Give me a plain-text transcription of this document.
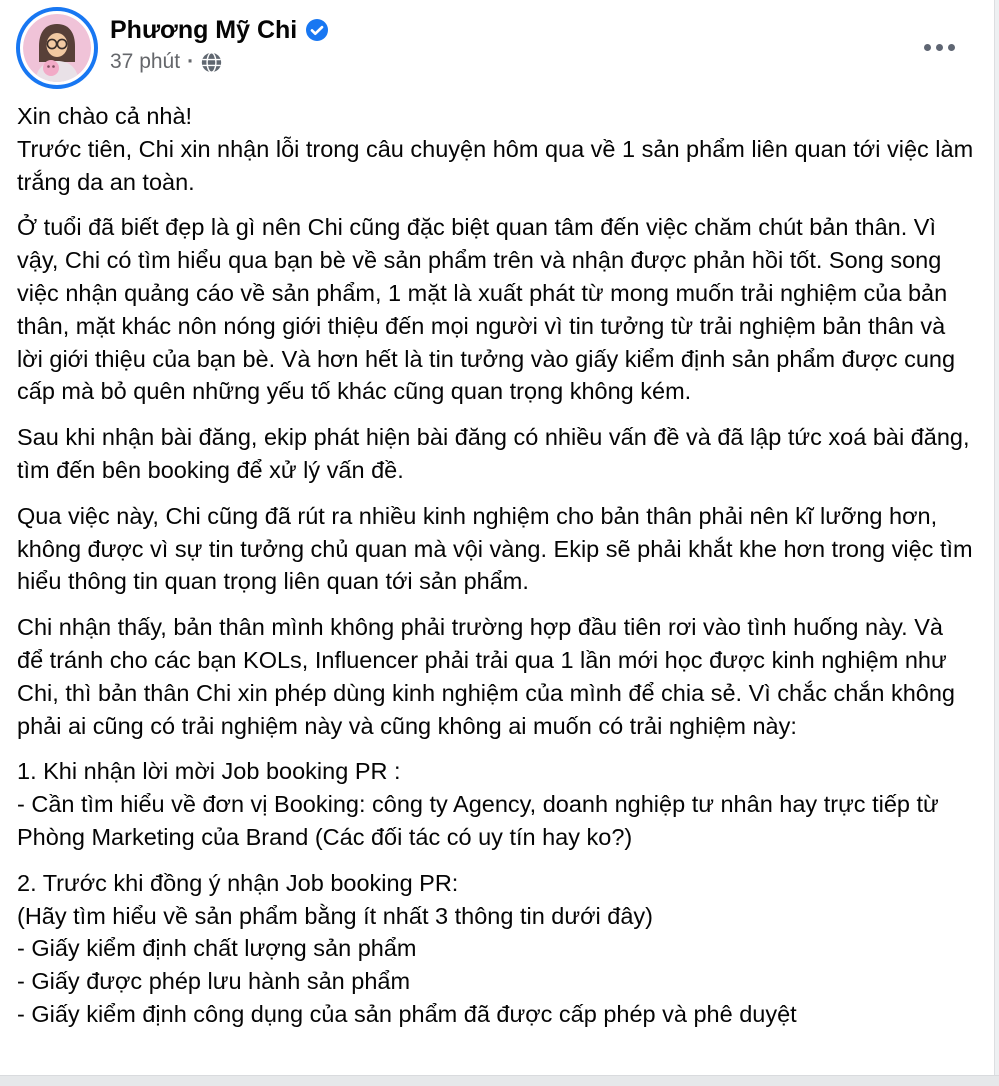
Phương Mỹ Chi
37 phút ·

Xin chào cả nhà!
Trước tiên, Chi xin nhận lỗi trong câu chuyện hôm qua về 1 sản phẩm liên quan tới việc làm trắng da an toàn.

Ở tuổi đã biết đẹp là gì nên Chi cũng đặc biệt quan tâm đến việc chăm chút bản thân. Vì vậy, Chi có tìm hiểu qua bạn bè về sản phẩm trên và nhận được phản hồi tốt. Song song việc nhận quảng cáo về sản phẩm, 1 mặt là xuất phát từ mong muốn trải nghiệm của bản thân, mặt khác nôn nóng giới thiệu đến mọi người vì tin tưởng từ trải nghiệm bản thân và lời giới thiệu của bạn bè. Và hơn hết là tin tưởng vào giấy kiểm định sản phẩm được cung cấp mà bỏ quên những yếu tố khác cũng quan trọng không kém.

Sau khi nhận bài đăng, ekip phát hiện bài đăng có nhiều vấn đề và đã lập tức xoá bài đăng, tìm đến bên booking để xử lý vấn đề.

Qua việc này, Chi cũng đã rút ra nhiều kinh nghiệm cho bản thân phải nên kĩ lưỡng hơn, không được vì sự tin tưởng chủ quan mà vội vàng. Ekip sẽ phải khắt khe hơn trong việc tìm hiểu thông tin quan trọng liên quan tới sản phẩm.

Chi nhận thấy, bản thân mình không phải trường hợp đầu tiên rơi vào tình huống này. Và để tránh cho các bạn KOLs, Influencer phải trải qua 1 lần mới học được kinh nghiệm như Chi, thì bản thân Chi xin phép dùng kinh nghiệm của mình để chia sẻ. Vì chắc chắn không phải ai cũng có trải nghiệm này và cũng không ai muốn có trải nghiệm này:

1. Khi nhận lời mời Job booking PR :
- Cần tìm hiểu về đơn vị Booking: công ty Agency, doanh nghiệp tư nhân hay trực tiếp từ Phòng Marketing của Brand (Các đối tác có uy tín hay ko?)

2. Trước khi đồng ý nhận Job booking PR:
(Hãy tìm hiểu về sản phẩm bằng ít nhất 3 thông tin dưới đây)
- Giấy kiểm định chất lượng sản phẩm
- Giấy được phép lưu hành sản phẩm
- Giấy kiểm định công dụng của sản phẩm đã được cấp phép và phê duyệt
